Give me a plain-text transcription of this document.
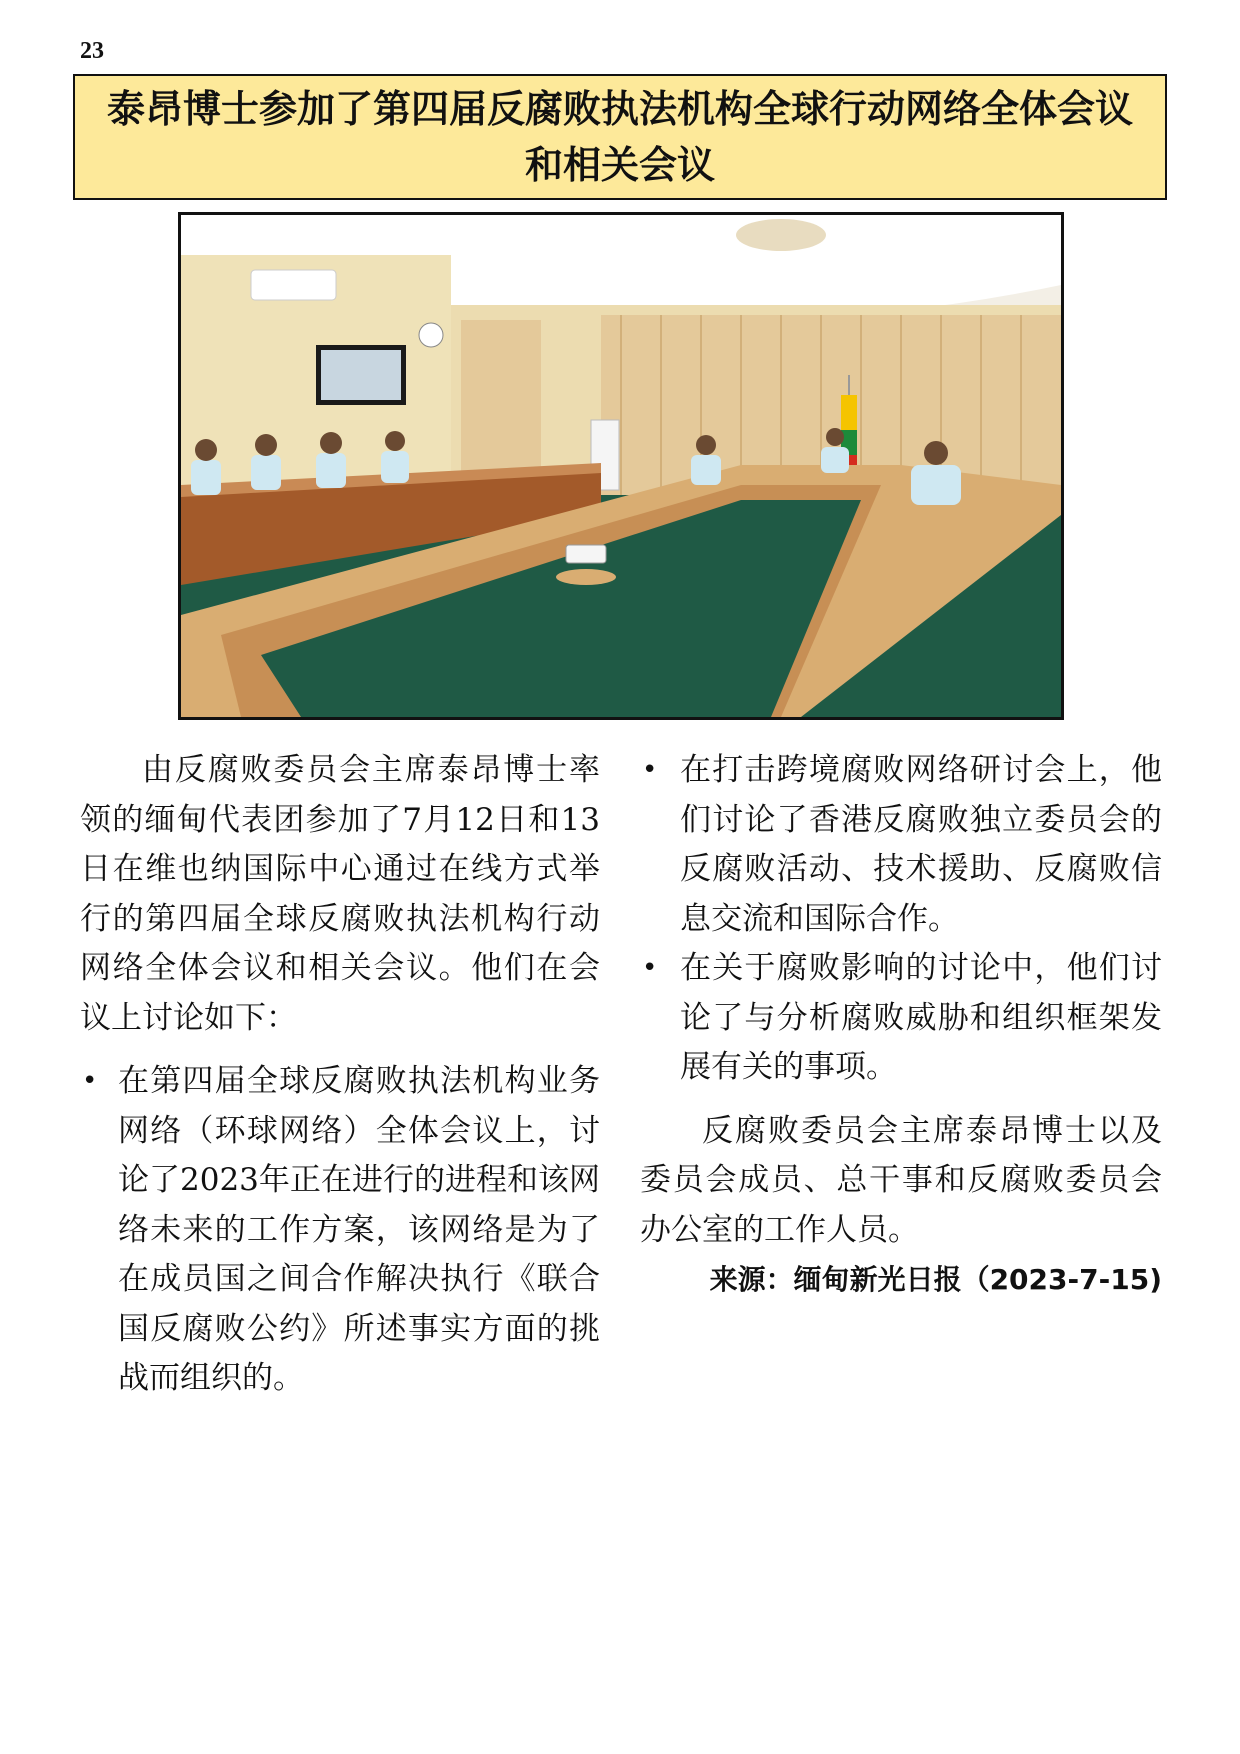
23
泰昂博士参加了第四届反腐败执法机构全球行动网络全体会议和相关会议

由反腐败委员会主席泰昂博士率领的缅甸代表团参加了7月12日和13日在维也纳国际中心通过在线方式举行的第四届全球反腐败执法机构行动网络全体会议和相关会议。他们在会议上讨论如下：

• 在第四届全球反腐败执法机构业务网络（环球网络）全体会议上，讨论了2023年正在进行的进程和该网络未来的工作方案，该网络是为了在成员国之间合作解决执行《联合国反腐败公约》所述事实方面的挑战而组织的。
• 在打击跨境腐败网络研讨会上，他们讨论了香港反腐败独立委员会的反腐败活动、技术援助、反腐败信息交流和国际合作。
• 在关于腐败影响的讨论中，他们讨论了与分析腐败威胁和组织框架发展有关的事项。

反腐败委员会主席泰昂博士以及委员会成员、总干事和反腐败委员会办公室的工作人员。

来源：缅甸新光日报（2023-7-15)
